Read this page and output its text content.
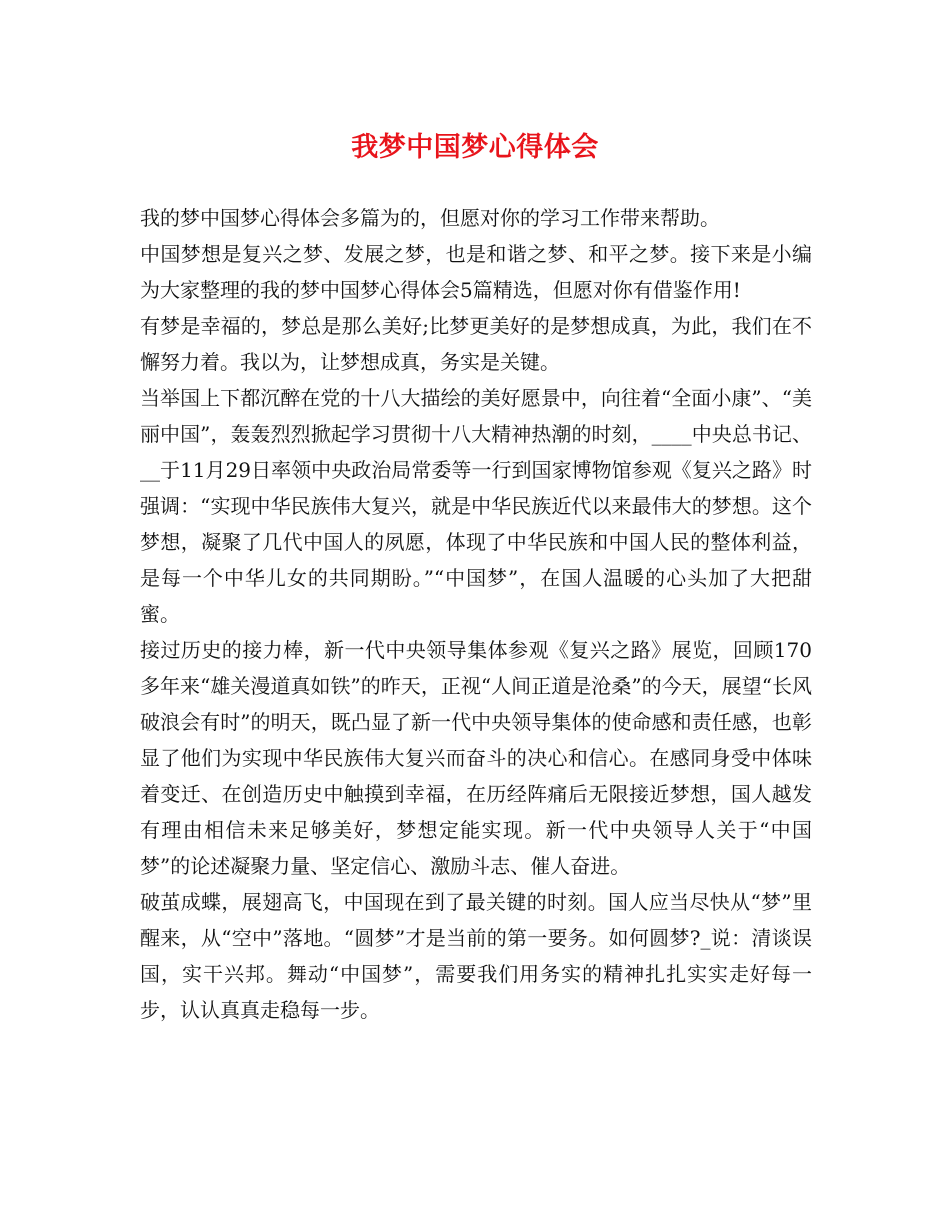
我梦中国梦心得体会

我的梦中国梦心得体会多篇为的，但愿对你的学习工作带来帮助。

中国梦想是复兴之梦、发展之梦，也是和谐之梦、和平之梦。接下来是小编为大家整理的我的梦中国梦心得体会5篇精选，但愿对你有借鉴作用!

有梦是幸福的，梦总是那么美好;比梦更美好的是梦想成真，为此，我们在不懈努力着。我以为，让梦想成真，务实是关键。

当举国上下都沉醉在党的十八大描绘的美好愿景中，向往着“全面小康”、“美丽中国”，轰轰烈烈掀起学习贯彻十八大精神热潮的时刻，____中央总书记、__于11月29日率领中央政治局常委等一行到国家博物馆参观《复兴之路》时强调：“实现中华民族伟大复兴，就是中华民族近代以来最伟大的梦想。这个梦想，凝聚了几代中国人的夙愿，体现了中华民族和中国人民的整体利益，是每一个中华儿女的共同期盼。”“中国梦”，在国人温暖的心头加了大把甜蜜。

接过历史的接力棒，新一代中央领导集体参观《复兴之路》展览，回顾170多年来“雄关漫道真如铁”的昨天，正视“人间正道是沧桑”的今天，展望“长风破浪会有时”的明天，既凸显了新一代中央领导集体的使命感和责任感，也彰显了他们为实现中华民族伟大复兴而奋斗的决心和信心。在感同身受中体味着变迁、在创造历史中触摸到幸福，在历经阵痛后无限接近梦想，国人越发有理由相信未来足够美好，梦想定能实现。新一代中央领导人关于“中国梦”的论述凝聚力量、坚定信心、激励斗志、催人奋进。

破茧成蝶，展翅高飞，中国现在到了最关键的时刻。国人应当尽快从“梦”里醒来，从“空中”落地。“圆梦”才是当前的第一要务。如何圆梦?_说：清谈误国，实干兴邦。舞动“中国梦”，需要我们用务实的精神扎扎实实走好每一步，认认真真走稳每一步。
